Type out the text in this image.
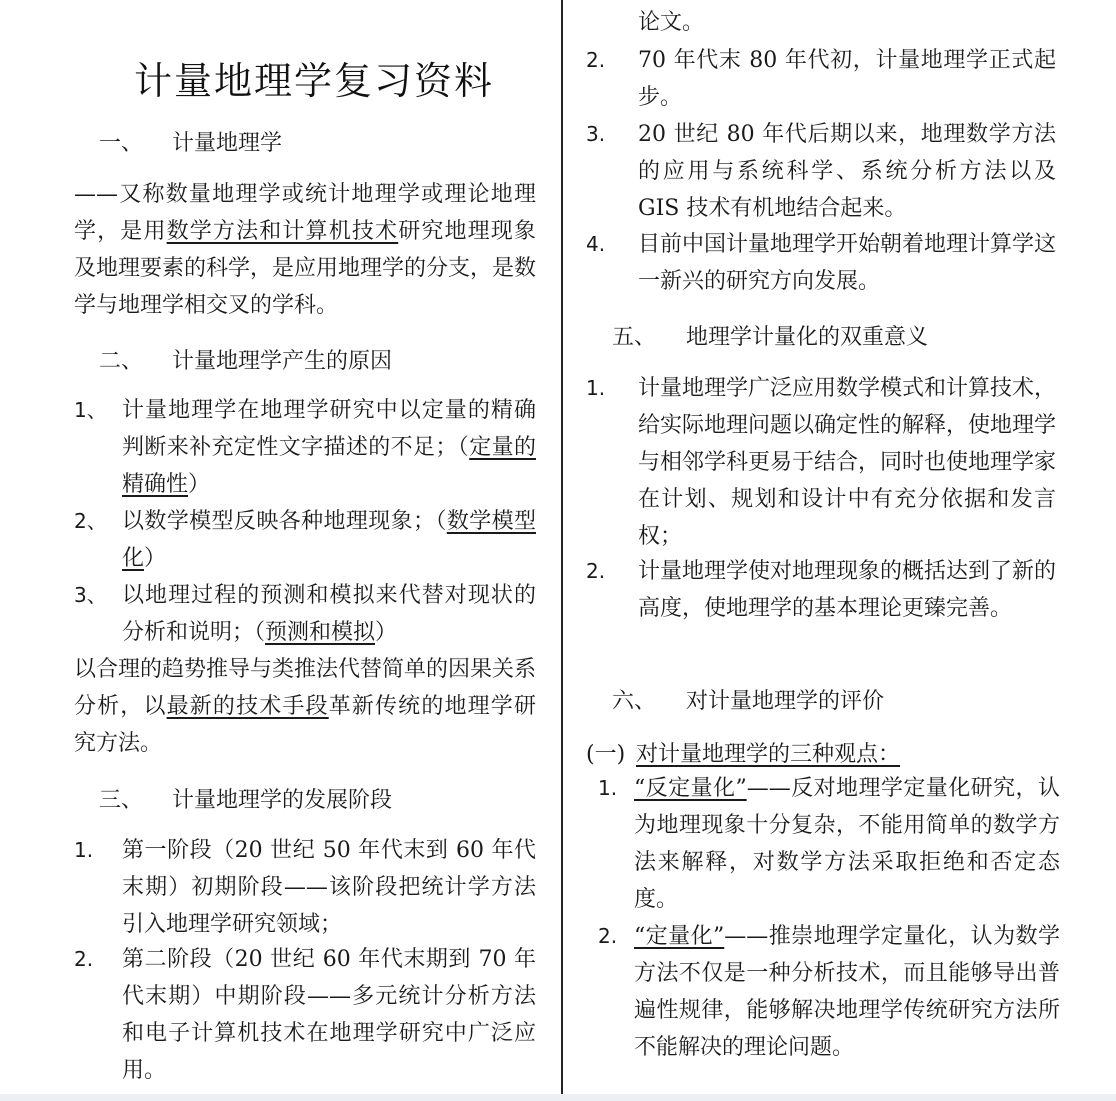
计量地理学复习资料
一、 计量地理学
——又称数量地理学或统计地理学或理论地理学，是用数学方法和计算机技术研究地理现象及地理要素的科学，是应用地理学的分支，是数学与地理学相交叉的学科。
二、 计量地理学产生的原因
1、 计量地理学在地理学研究中以定量的精确判断来补充定性文字描述的不足；（定量的精确性）
2、 以数学模型反映各种地理现象；（数学模型化）
3、 以地理过程的预测和模拟来代替对现状的分析和说明；（预测和模拟）
以合理的趋势推导与类推法代替简单的因果关系分析，以最新的技术手段革新传统的地理学研究方法。
三、 计量地理学的发展阶段
1. 第一阶段（20 世纪 50 年代末到 60 年代末期）初期阶段——该阶段把统计学方法引入地理学研究领域；
2. 第二阶段（20 世纪 60 年代末期到 70 年代末期）中期阶段——多元统计分析方法和电子计算机技术在地理学研究中广泛应用。
论文。
2. 70 年代末 80 年代初，计量地理学正式起步。
3. 20 世纪 80 年代后期以来，地理数学方法的应用与系统科学、系统分析方法以及 GIS 技术有机地结合起来。
4. 目前中国计量地理学开始朝着地理计算学这一新兴的研究方向发展。
五、 地理学计量化的双重意义
1. 计量地理学广泛应用数学模式和计算技术，给实际地理问题以确定性的解释，使地理学与相邻学科更易于结合，同时也使地理学家在计划、规划和设计中有充分依据和发言权；
2. 计量地理学使对地理现象的概括达到了新的高度，使地理学的基本理论更臻完善。
六、 对计量地理学的评价
(一) 对计量地理学的三种观点：
1. “反定量化”——反对地理学定量化研究，认为地理现象十分复杂，不能用简单的数学方法来解释，对数学方法采取拒绝和否定态度。
2. “定量化”——推崇地理学定量化，认为数学方法不仅是一种分析技术，而且能够导出普遍性规律，能够解决地理学传统研究方法所不能解决的理论问题。
